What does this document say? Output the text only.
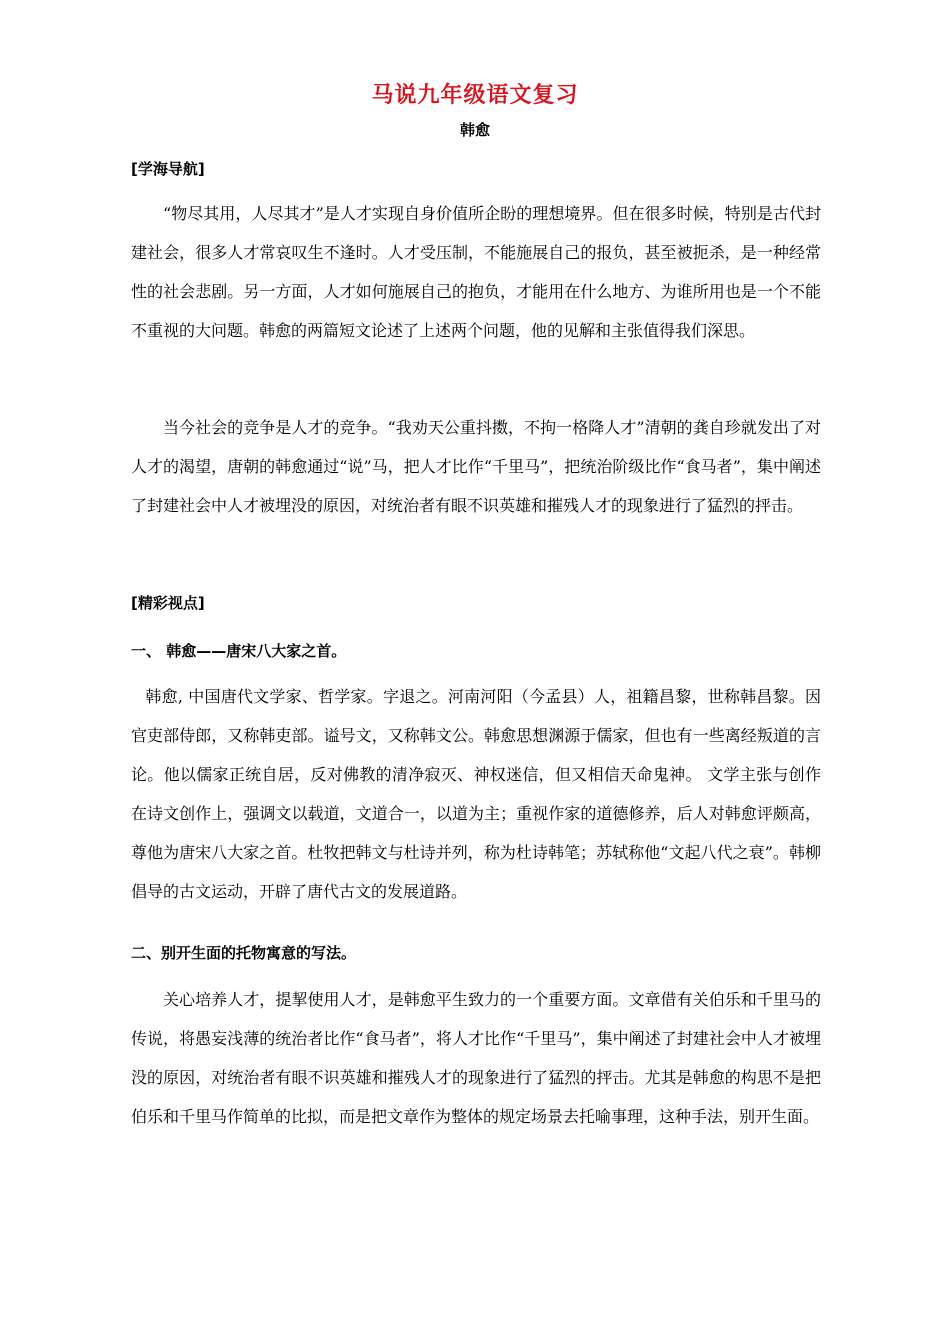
马说九年级语文复习
韩愈
[学海导航]
“物尽其用，人尽其才”是人才实现自身价值所企盼的理想境界。但在很多时候，特别是古代封建社会，很多人才常哀叹生不逢时。人才受压制，不能施展自己的报负，甚至被扼杀，是一种经常性的社会悲剧。另一方面，人才如何施展自己的抱负，才能用在什么地方、为谁所用也是一个不能不重视的大问题。韩愈的两篇短文论述了上述两个问题，他的见解和主张值得我们深思。
当今社会的竞争是人才的竞争。“我劝天公重抖擞，不拘一格降人才”清朝的龚自珍就发出了对人才的渴望，唐朝的韩愈通过“说”马，把人才比作“千里马”，把统治阶级比作“食马者”，集中阐述了封建社会中人才被埋没的原因，对统治者有眼不识英雄和摧残人才的现象进行了猛烈的抨击。
[精彩视点]
一、 韩愈——唐宋八大家之首。
韩愈, 中国唐代文学家、哲学家。字退之。河南河阳（今孟县）人，祖籍昌黎，世称韩昌黎。因官吏部侍郎，又称韩吏部。谥号文，又称韩文公。韩愈思想渊源于儒家，但也有一些离经叛道的言论。他以儒家正统自居，反对佛教的清净寂灭、神权迷信，但又相信天命鬼神。 文学主张与创作　在诗文创作上，强调文以载道，文道合一，以道为主；重视作家的道德修养，后人对韩愈评颇高，尊他为唐宋八大家之首。杜牧把韩文与杜诗并列，称为杜诗韩笔；苏轼称他“文起八代之衰”。韩柳倡导的古文运动，开辟了唐代古文的发展道路。
二、别开生面的托物寓意的写法。
关心培养人才，提挈使用人才，是韩愈平生致力的一个重要方面。文章借有关伯乐和千里马的传说，将愚妄浅薄的统治者比作“食马者”，将人才比作“千里马”，集中阐述了封建社会中人才被埋没的原因，对统治者有眼不识英雄和摧残人才的现象进行了猛烈的抨击。尤其是韩愈的构思不是把伯乐和千里马作简单的比拟，而是把文章作为整体的规定场景去托喻事理，这种手法，别开生面。
